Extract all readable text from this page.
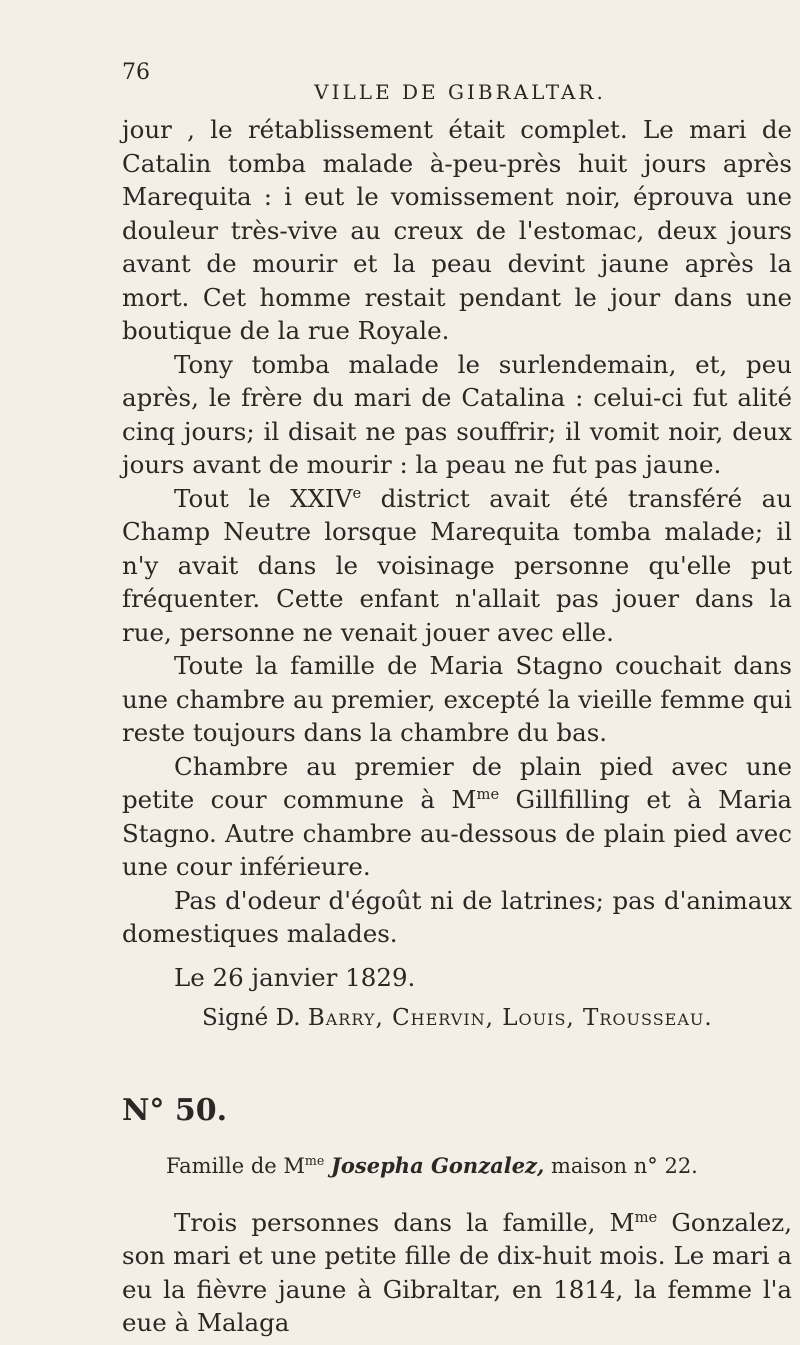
76
VILLE DE GIBRALTAR.

jour , le rétablissement était complet. Le mari de Catalin tomba malade à-peu-près huit jours après Marequita : i eut le vomissement noir, éprouva une douleur très-vive au creux de l'estomac, deux jours avant de mourir et la peau devint jaune après la mort. Cet homme restait pendant le jour dans une boutique de la rue Royale.

Tony tomba malade le surlendemain, et, peu après, le frère du mari de Catalina : celui-ci fut alité cinq jours; il disait ne pas souffrir; il vomit noir, deux jours avant de mourir : la peau ne fut pas jaune.

Tout le XXIVe district avait été transféré au Champ Neutre lorsque Marequita tomba malade; il n'y avait dans le voisinage personne qu'elle put fréquenter. Cette enfant n'allait pas jouer dans la rue, personne ne venait jouer avec elle.

Toute la famille de Maria Stagno couchait dans une chambre au premier, excepté la vieille femme qui reste toujours dans la chambre du bas.

Chambre au premier de plain pied avec une petite cour commune à $M^{me}$ Gillfilling et à Maria Stagno. Autre chambre au-dessous de plain pied avec une cour inférieure.

Pas d'odeur d'égoût ni de latrines; pas d'animaux domestiques malades.

Le 26 janvier 1829.

Signé D. Barry, Chervin, Louis, Trousseau.

N° 50.

Famille de $M^{me}$ Josepha Gonzalez, maison n° 22.

Trois personnes dans la famille, $M^{me}$ Gonzalez, son mari et une petite fille de dix-huit mois. Le mari a eu la fièvre jaune à Gibraltar, en 1814, la femme l'a eue à Malaga
